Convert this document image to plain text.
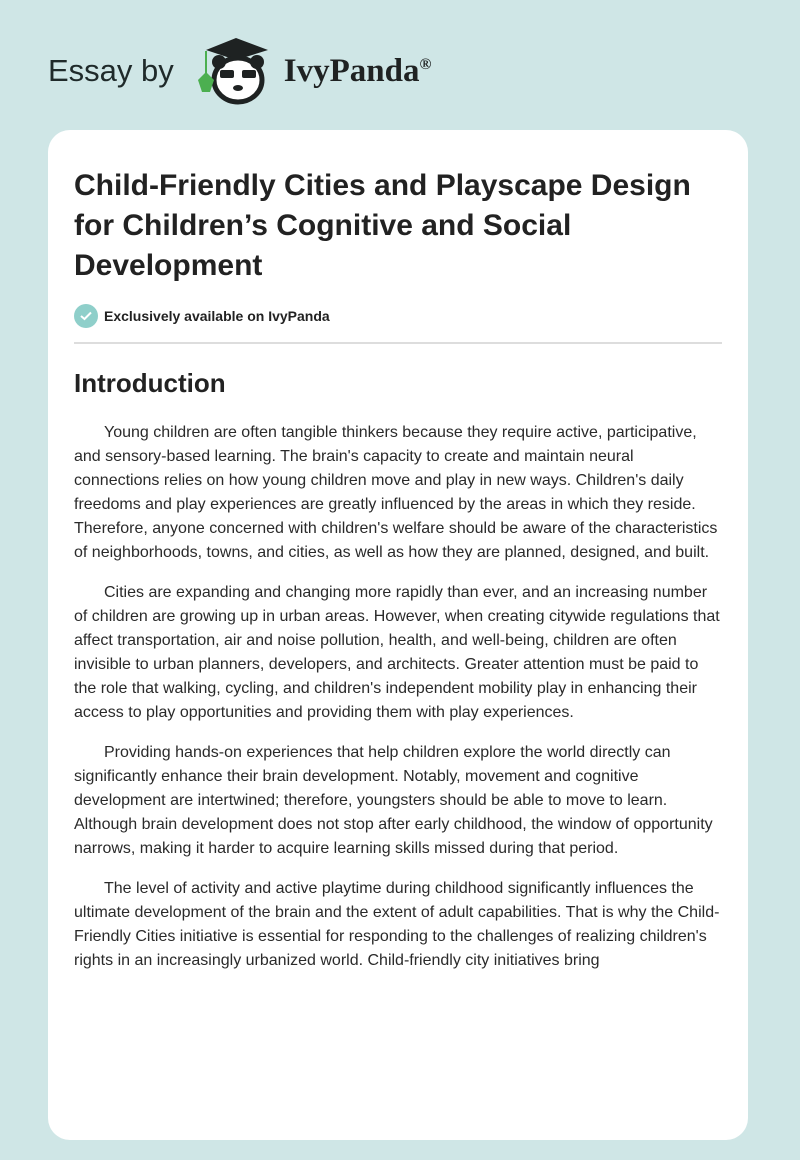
Essay by	IvyPanda®
Child-Friendly Cities and Playscape Design for Children’s Cognitive and Social Development
Exclusively available on IvyPanda
Introduction

Young children are often tangible thinkers because they require active, participative, and sensory-based learning. The brain's capacity to create and maintain neural connections relies on how young children move and play in new ways. Children's daily freedoms and play experiences are greatly influenced by the areas in which they reside. Therefore, anyone concerned with children's welfare should be aware of the characteristics of neighborhoods, towns, and cities, as well as how they are planned, designed, and built.

Cities are expanding and changing more rapidly than ever, and an increasing number of children are growing up in urban areas. However, when creating citywide regulations that affect transportation, air and noise pollution, health, and well-being, children are often invisible to urban planners, developers, and architects. Greater attention must be paid to the role that walking, cycling, and children's independent mobility play in enhancing their access to play opportunities and providing them with play experiences.

Providing hands-on experiences that help children explore the world directly can significantly enhance their brain development. Notably, movement and cognitive development are intertwined; therefore, youngsters should be able to move to learn. Although brain development does not stop after early childhood, the window of opportunity narrows, making it harder to acquire learning skills missed during that period.

The level of activity and active playtime during childhood significantly influences the ultimate development of the brain and the extent of adult capabilities. That is why the Child-Friendly Cities initiative is essential for responding to the challenges of realizing children's rights in an increasingly urbanized world. Child-friendly city initiatives bring
